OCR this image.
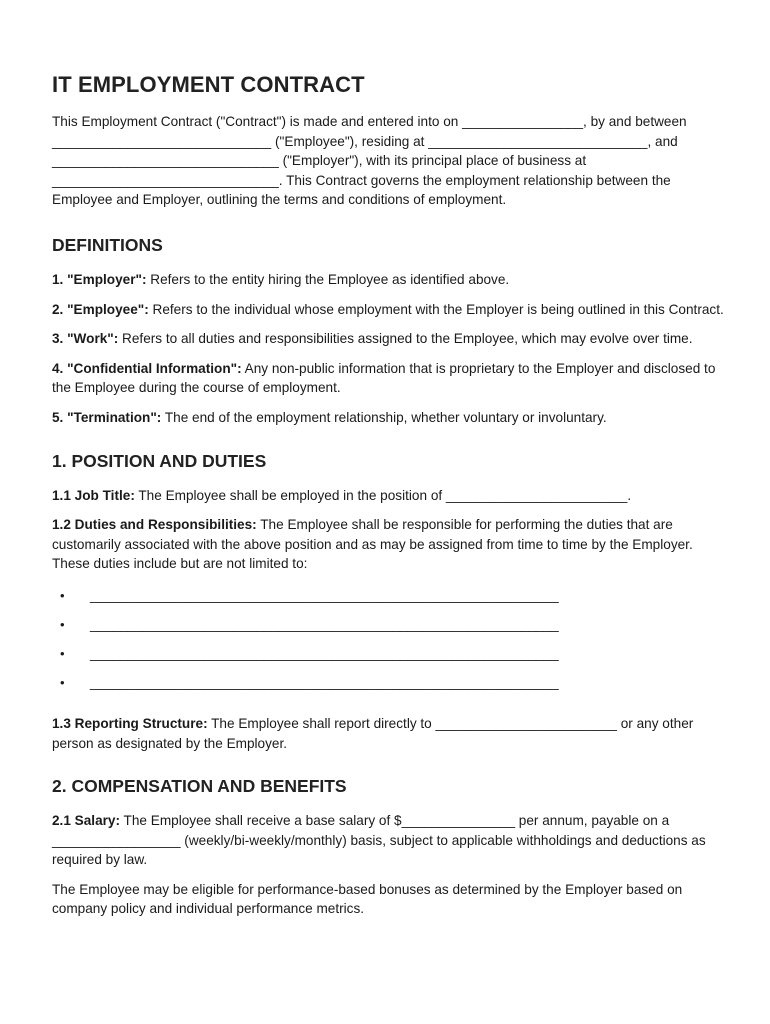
IT EMPLOYMENT CONTRACT

This Employment Contract ("Contract") is made and entered into on ________________, by and between _____________________________ ("Employee"), residing at _____________________________, and ______________________________ ("Employer"), with its principal place of business at ______________________________. This Contract governs the employment relationship between the Employee and Employer, outlining the terms and conditions of employment.

DEFINITIONS

1. "Employer": Refers to the entity hiring the Employee as identified above.

2. "Employee": Refers to the individual whose employment with the Employer is being outlined in this Contract.

3. "Work": Refers to all duties and responsibilities assigned to the Employee, which may evolve over time.

4. "Confidential Information": Any non-public information that is proprietary to the Employer and disclosed to the Employee during the course of employment.

5. "Termination": The end of the employment relationship, whether voluntary or involuntary.

1. POSITION AND DUTIES

1.1 Job Title: The Employee shall be employed in the position of ________________________.

1.2 Duties and Responsibilities: The Employee shall be responsible for performing the duties that are customarily associated with the above position and as may be assigned from time to time by the Employer. These duties include but are not limited to:

• ______________________________________________________________
• ______________________________________________________________
• ______________________________________________________________
• ______________________________________________________________

1.3 Reporting Structure: The Employee shall report directly to ________________________ or any other person as designated by the Employer.

2. COMPENSATION AND BENEFITS

2.1 Salary: The Employee shall receive a base salary of $_______________ per annum, payable on a _________________ (weekly/bi-weekly/monthly) basis, subject to applicable withholdings and deductions as required by law.

The Employee may be eligible for performance-based bonuses as determined by the Employer based on company policy and individual performance metrics.
